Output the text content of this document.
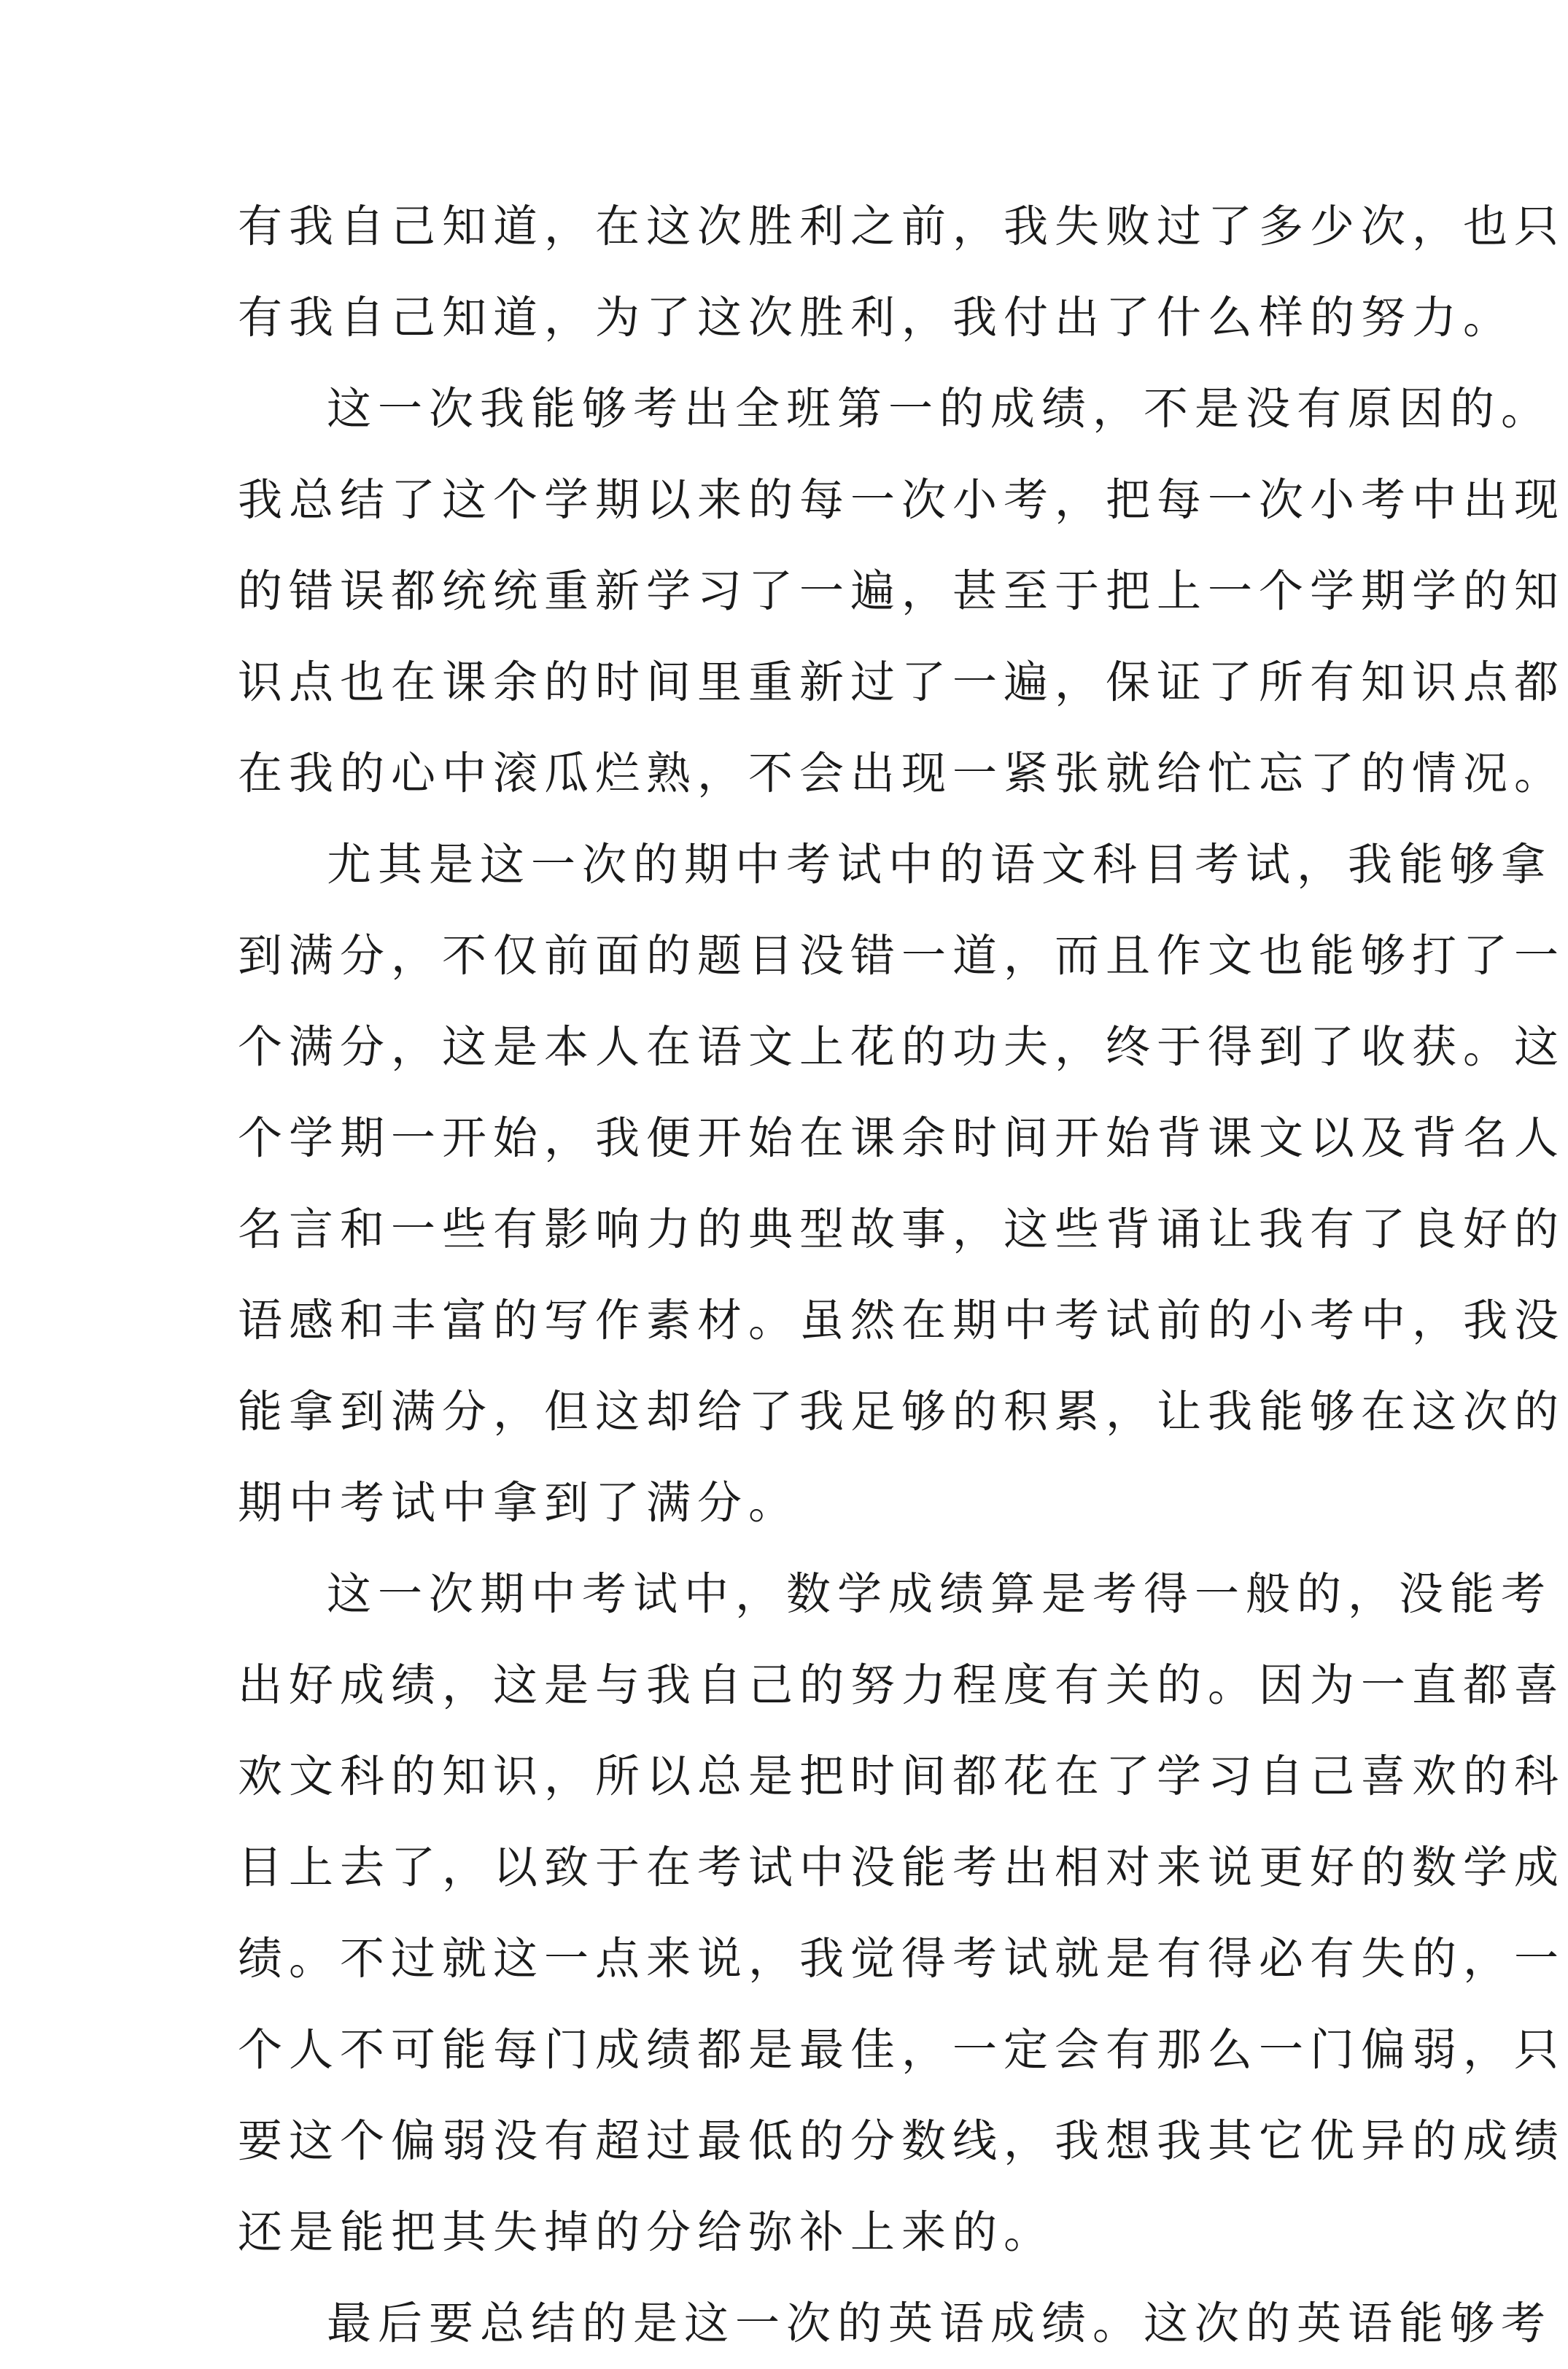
有我自己知道，在这次胜利之前，我失败过了多少次，也只
有我自己知道，为了这次胜利，我付出了什么样的努力。
这一次我能够考出全班第一的成绩，不是没有原因的。
我总结了这个学期以来的每一次小考，把每一次小考中出现
的错误都统统重新学习了一遍，甚至于把上一个学期学的知
识点也在课余的时间里重新过了一遍，保证了所有知识点都
在我的心中滚瓜烂熟，不会出现一紧张就给忙忘了的情况。
尤其是这一次的期中考试中的语文科目考试，我能够拿
到满分，不仅前面的题目没错一道，而且作文也能够打了一
个满分，这是本人在语文上花的功夫，终于得到了收获。这
个学期一开始，我便开始在课余时间开始背课文以及背名人
名言和一些有影响力的典型故事，这些背诵让我有了良好的
语感和丰富的写作素材。虽然在期中考试前的小考中，我没
能拿到满分，但这却给了我足够的积累，让我能够在这次的
期中考试中拿到了满分。
这一次期中考试中，数学成绩算是考得一般的，没能考
出好成绩，这是与我自己的努力程度有关的。因为一直都喜
欢文科的知识，所以总是把时间都花在了学习自己喜欢的科
目上去了，以致于在考试中没能考出相对来说更好的数学成
绩。不过就这一点来说，我觉得考试就是有得必有失的，一
个人不可能每门成绩都是最佳，一定会有那么一门偏弱，只
要这个偏弱没有超过最低的分数线，我想我其它优异的成绩
还是能把其失掉的分给弥补上来的。
最后要总结的是这一次的英语成绩。这次的英语能够考
